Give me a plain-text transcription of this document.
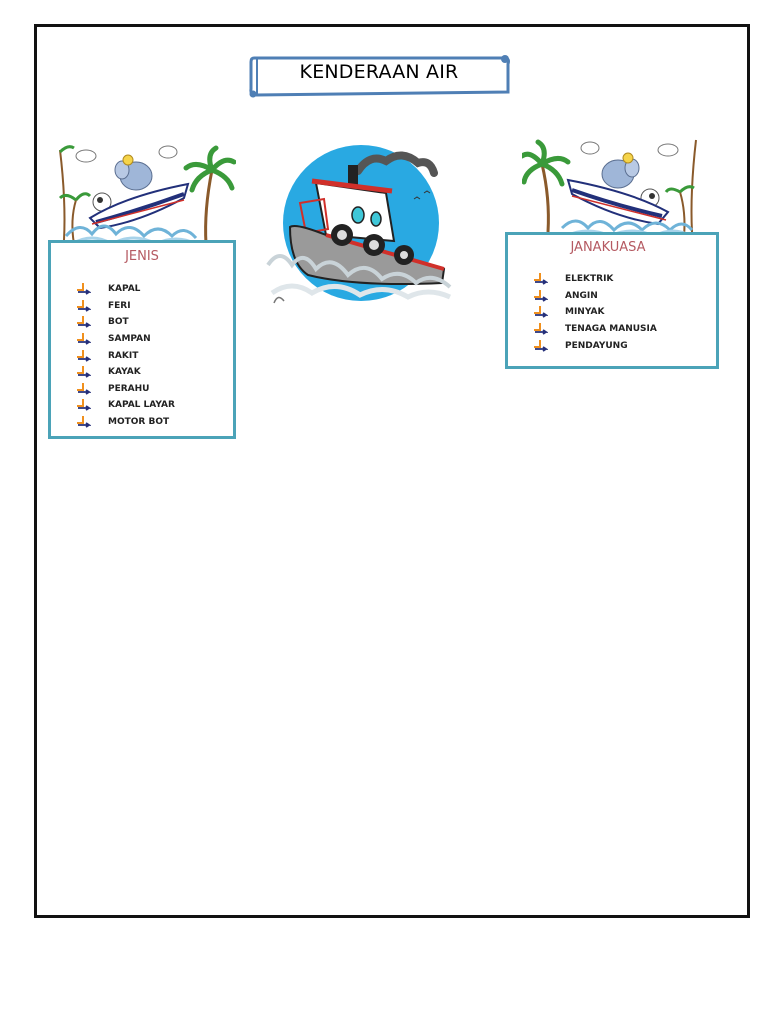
KENDERAAN AIR
JENIS
KAPAL
FERI
BOT
SAMPAN
RAKIT
KAYAK
PERAHU
KAPAL LAYAR
MOTOR BOT
JANAKUASA
ELEKTRIK
ANGIN
MINYAK
TENAGA MANUSIA
PENDAYUNG
